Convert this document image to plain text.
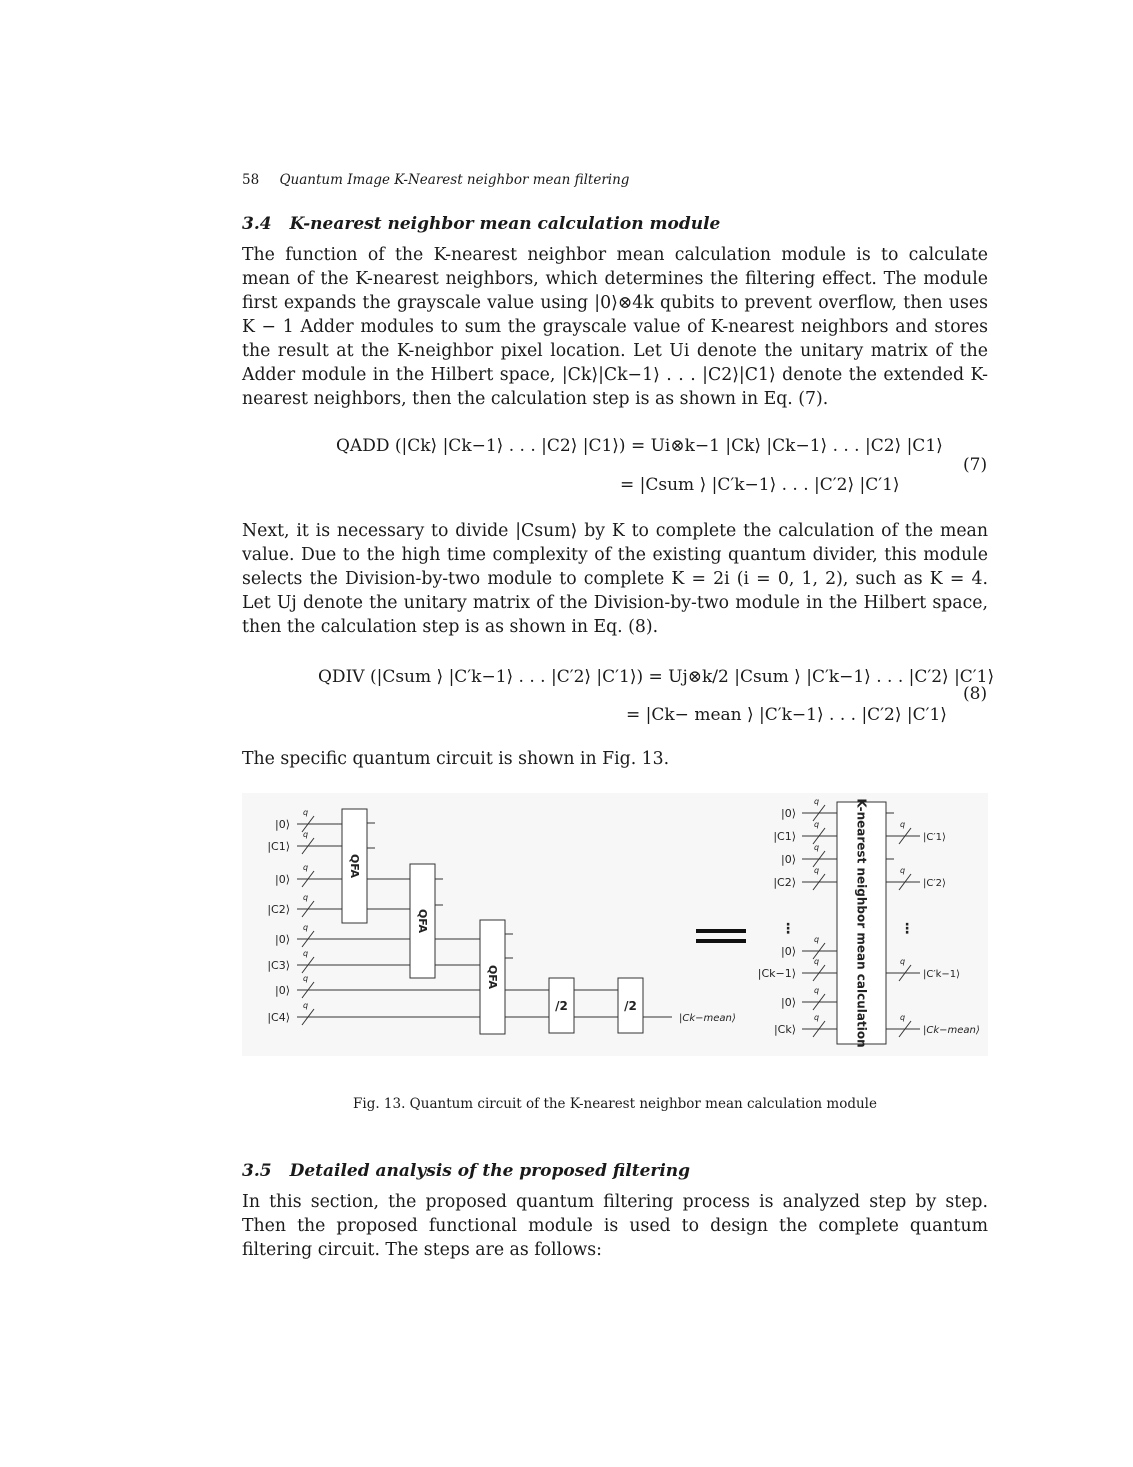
58 Quantum Image K-Nearest neighbor mean filtering
3.4 K-nearest neighbor mean calculation module
The function of the K-nearest neighbor mean calculation module is to calculate mean of the K-nearest neighbors, which determines the filtering effect. The module first expands the grayscale value using |0⟩⊗4k qubits to prevent overflow, then uses K − 1 Adder modules to sum the grayscale value of K-nearest neighbors and stores the result at the K-neighbor pixel location. Let Ui denote the unitary matrix of the Adder module in the Hilbert space, |Ck⟩|Ck−1⟩ . . . |C2⟩|C1⟩ denote the extended K-nearest neighbors, then the calculation step is as shown in Eq. (7).
QADD (|Ck⟩ |Ck−1⟩ . . . |C2⟩ |C1⟩) = Ui⊗k−1 |Ck⟩ |Ck−1⟩ . . . |C2⟩ |C1⟩
= |Csum ⟩ |C′k−1⟩ . . . |C′2⟩ |C′1⟩
(7)
Next, it is necessary to divide |Csum⟩ by K to complete the calculation of the mean value. Due to the high time complexity of the existing quantum divider, this module selects the Division-by-two module to complete K = 2i (i = 0, 1, 2), such as K = 4. Let Uj denote the unitary matrix of the Division-by-two module in the Hilbert space, then the calculation step is as shown in Eq. (8).
QDIV (|Csum ⟩ |C′k−1⟩ . . . |C′2⟩ |C′1⟩) = Uj⊗k/2 |Csum ⟩ |C′k−1⟩ . . . |C′2⟩ |C′1⟩
= |Ck− mean ⟩ |C′k−1⟩ . . . |C′2⟩ |C′1⟩
(8)
The specific quantum circuit is shown in Fig. 13.
q
q
q
q
q
q
q
q
|0⟩
|C1⟩
|0⟩
|C2⟩
|0⟩
|C3⟩
|0⟩
|C4⟩
QFA
QFA
QFA
/2	/2
|Ck−mean⟩
=
q
|0⟩
q
|C1⟩
q
|0⟩
q
|C2⟩
⋮
q
|0⟩
q
|Ck−1⟩
q
|0⟩
q
|Ck⟩	K-nearest neighbor mean calculation	q
|C′1⟩
q
|C′2⟩
⋮
q
|C′k−1⟩
q
|Ck−mean⟩
Fig. 13. Quantum circuit of the K-nearest neighbor mean calculation module
3.5 Detailed analysis of the proposed filtering
In this section, the proposed quantum filtering process is analyzed step by step. Then the proposed functional module is used to design the complete quantum filtering circuit. The steps are as follows:
